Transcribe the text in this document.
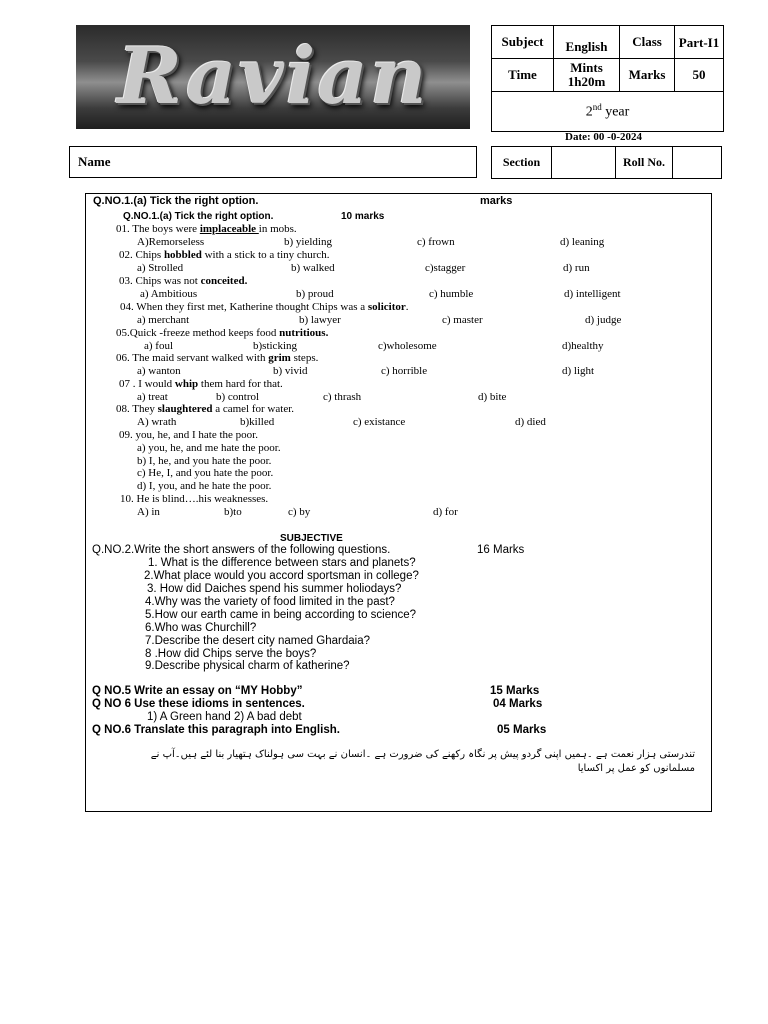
Ravian	Subject	English	Class	Part-I1
Time	Mints 1h20m	Marks	50
2nd year			
Date: 00 -0-2024
Name	Section		Roll No.	
Q.NO.1.(a) Tick the right option.	marks
Q.NO.1.(a) Tick the right option.	10 marks
01. The boys were implaceable in mobs.
A)Remorseless	b) yielding	c) frown	d) leaning
02. Chips hobbled with a stick to a tiny church.
a) Strolled	b) walked	c)stagger	d) run
03. Chips was not conceited.
a) Ambitious	b) proud	c) humble	d) intelligent
04. When they first met, Katherine thought Chips was a solicitor.
a) merchant	b) lawyer	c) master	d) judge
05.Quick -freeze method keeps food nutritious.
a) foul	b)sticking	c)wholesome	d)healthy
06. The maid servant walked with grim steps.
a) wanton	b) vivid	c) horrible	d) light
07 . I would whip them hard for that.
a) treat	b) control	c) thrash	d) bite
08. They slaughtered a camel for water.
A) wrath	b)killed	c) existance	d) died
09. you, he, and I hate the poor.
a) you, he, and me hate the poor.
b) I, he, and you hate the poor.
c) He, I, and you hate the poor.
d) I, you, and he hate the poor.
10. He is blind….his weaknesses.
A) in	b)to	c) by	d) for
SUBJECTIVE
Q.NO.2.Write the short answers of the following questions.	16 Marks
1. What is the difference between stars and planets?
2.What place would you accord sportsman in college?
3. How did Daiches spend his summer holiodays?
4.Why was the variety of food limited in the past?
5.How our earth came in being according to science?
6.Who was Churchill?
7.Describe the desert city named Ghardaia?
8 .How did Chips serve the boys?
9.Describe physical charm of katherine?
Q NO.5 Write an essay on “MY Hobby”	15 Marks
Q NO 6 Use these idioms in sentences.	04 Marks
1) A Green hand 2) A bad debt
Q NO.6 Translate this paragraph into English.	05 Marks
تندرستی ہزار نعمت ہے ۔ہمیں اپنی گردو پیش پر نگاہ رکھنے کی ضرورت ہے ۔انسان نے بہت سی ہولناک ہتھیار بنا لئے ہیں۔آپ نے
مسلمانوں کو عمل پر اکسایا
